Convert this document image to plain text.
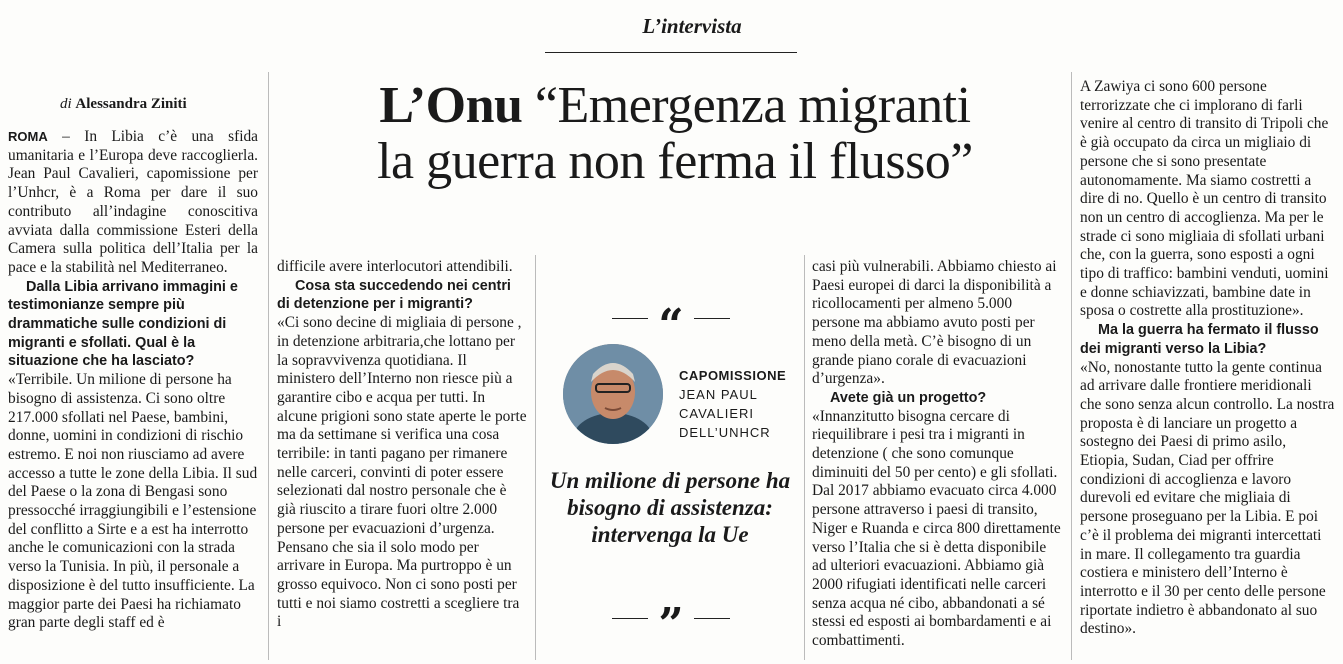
L’intervista
di Alessandra Ziniti	L’Onu “Emergenza migranti
la guerra non ferma il flusso”

ROMA – In Libia c’è una sfida umanitaria e l’Europa deve raccoglierla. Jean Paul Cavalieri, capomissione per l’Unhcr, è a Roma per dare il suo contributo all’indagine conoscitiva avviata dalla commissione Esteri della Camera sulla politica dell’Italia per la pace e la stabilità nel Mediterraneo.

Dalla Libia arrivano immagini e testimonianze sempre più drammatiche sulle condizioni di migranti e sfollati. Qual è la situazione che ha lasciato?

«Terribile. Un milione di persone ha bisogno di assistenza. Ci sono oltre 217.000 sfollati nel Paese, bambini, donne, uomini in condizioni di rischio estremo. E noi non riusciamo ad avere accesso a tutte le zone della Libia. Il sud del Paese o la zona di Bengasi sono pressocché irraggiungibili e l’estensione del conflitto a Sirte e a est ha interrotto anche le comunicazioni con la strada verso la Tunisia. In più, il personale a disposizione è del tutto insufficiente. La maggior parte dei Paesi ha richiamato gran parte degli staff ed è

difficile avere interlocutori attendibili.

Cosa sta succedendo nei centri di detenzione per i migranti?

«Ci sono decine di migliaia di persone , in detenzione arbitraria,che lottano per la sopravvivenza quotidiana. Il ministero dell’Interno non riesce più a garantire cibo e acqua per tutti. In alcune prigioni sono state aperte le porte ma da settimane si verifica una cosa terribile: in tanti pagano per rimanere nelle carceri, convinti di poter essere selezionati dal nostro personale che è già riuscito a tirare fuori oltre 2.000 persone per evacuazioni d’urgenza. Pensano che sia il solo modo per arrivare in Europa. Ma purtroppo è un grosso equivoco. Non ci sono posti per tutti e noi siamo costretti a scegliere tra i

“
CAPOMISSIONE
JEAN PAUL
CAVALIERI
DELL’UNHCR
Un milione di persone ha bisogno di assistenza: intervenga la Ue
”

casi più vulnerabili. Abbiamo chiesto ai Paesi europei di darci la disponibilità a ricollocamenti per almeno 5.000 persone ma abbiamo avuto posti per meno della metà. C’è bisogno di un grande piano corale di evacuazioni d’urgenza».

Avete già un progetto?

«Innanzitutto bisogna cercare di riequilibrare i pesi tra i migranti in detenzione ( che sono comunque diminuiti del 50 per cento) e gli sfollati. Dal 2017 abbiamo evacuato circa 4.000 persone attraverso i paesi di transito, Niger e Ruanda e circa 800 direttamente verso l’Italia che si è detta disponibile ad ulteriori evacuazioni. Abbiamo già 2000 rifugiati identificati nelle carceri senza acqua né cibo, abbandonati a sé stessi ed esposti ai bombardamenti e ai combattimenti.

A Zawiya ci sono 600 persone terrorizzate che ci implorano di farli venire al centro di transito di Tripoli che è già occupato da circa un migliaio di persone che si sono presentate autonomamente. Ma siamo costretti a dire di no. Quello è un centro di transito non un centro di accoglienza. Ma per le strade ci sono migliaia di sfollati urbani che, con la guerra, sono esposti a ogni tipo di traffico: bambini venduti, uomini e donne schiavizzati, bambine date in sposa o costrette alla prostituzione».

Ma la guerra ha fermato il flusso dei migranti verso la Libia?

«No, nonostante tutto la gente continua ad arrivare dalle frontiere meridionali che sono senza alcun controllo. La nostra proposta è di lanciare un progetto a sostegno dei Paesi di primo asilo, Etiopia, Sudan, Ciad per offrire condizioni di accoglienza e lavoro durevoli ed evitare che migliaia di persone proseguano per la Libia. E poi c’è il problema dei migranti intercettati in mare. Il collegamento tra guardia costiera e ministero dell’Interno è interrotto e il 30 per cento delle persone riportate indietro è abbandonato al suo destino».
